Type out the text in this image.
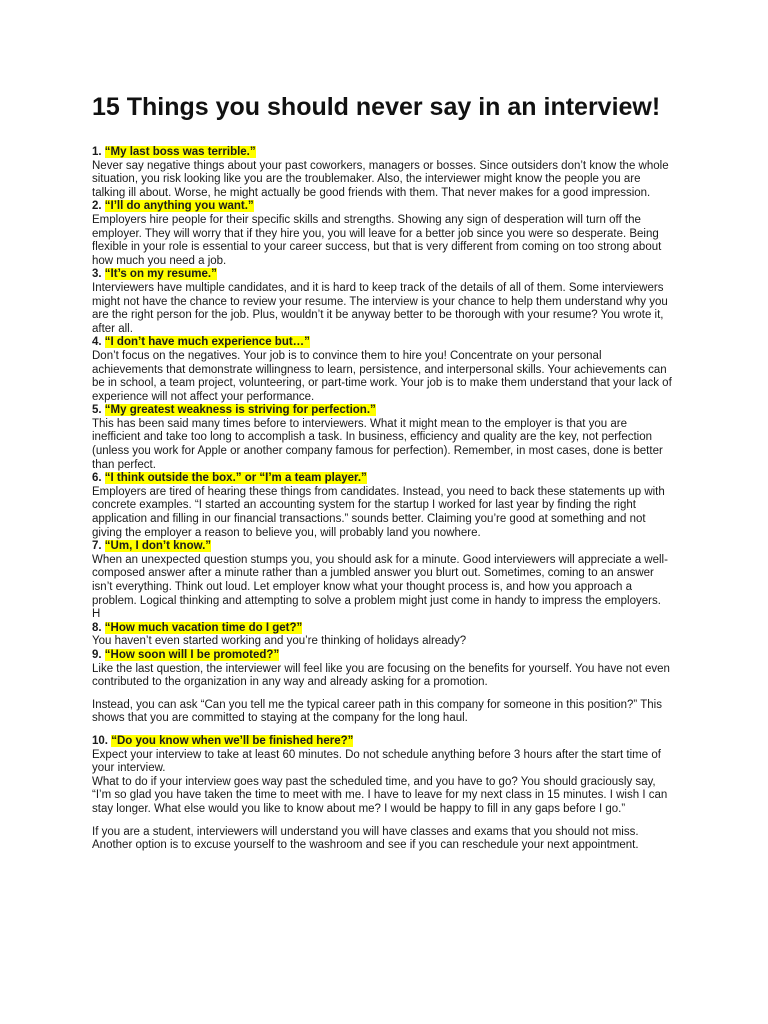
15 Things you should never say in an interview!
1. “My last boss was terrible.”

Never say negative things about your past coworkers, managers or bosses. Since outsiders don’t know the whole situation, you risk looking like you are the troublemaker. Also, the interviewer might know the people you are talking ill about. Worse, he might actually be good friends with them. That never makes for a good impression.

2. “I’ll do anything you want.”

Employers hire people for their specific skills and strengths. Showing any sign of desperation will turn off the employer. They will worry that if they hire you, you will leave for a better job since you were so desperate. Being flexible in your role is essential to your career success, but that is very different from coming on too strong about how much you need a job.

3. “It’s on my resume.”

Interviewers have multiple candidates, and it is hard to keep track of the details of all of them. Some interviewers might not have the chance to review your resume. The interview is your chance to help them understand why you are the right person for the job. Plus, wouldn’t it be anyway better to be thorough with your resume? You wrote it, after all.

4. “I don’t have much experience but…”

Don’t focus on the negatives. Your job is to convince them to hire you! Concentrate on your personal achievements that demonstrate willingness to learn, persistence, and interpersonal skills. Your achievements can be in school, a team project, volunteering, or part-time work. Your job is to make them understand that your lack of experience will not affect your performance.

5. “My greatest weakness is striving for perfection.”

This has been said many times before to interviewers. What it might mean to the employer is that you are inefficient and take too long to accomplish a task. In business, efficiency and quality are the key, not perfection (unless you work for Apple or another company famous for perfection). Remember, in most cases, done is better than perfect.

6. “I think outside the box.” or “I’m a team player.”

Employers are tired of hearing these things from candidates. Instead, you need to back these statements up with concrete examples. “I started an accounting system for the startup I worked for last year by finding the right application and filling in our financial transactions.” sounds better. Claiming you’re good at something and not giving the employer a reason to believe you, will probably land you nowhere.

7. “Um, I don’t know.”

When an unexpected question stumps you, you should ask for a minute. Good interviewers will appreciate a well-composed answer after a minute rather than a jumbled answer you blurt out. Sometimes, coming to an answer isn’t everything. Think out loud. Let employer know what your thought process is, and how you approach a problem. Logical thinking and attempting to solve a problem might just come in handy to impress the employers. H

8. “How much vacation time do I get?”

You haven’t even started working and you’re thinking of holidays already?

9. “How soon will I be promoted?”

Like the last question, the interviewer will feel like you are focusing on the benefits for yourself. You have not even contributed to the organization in any way and already asking for a promotion.

Instead, you can ask “Can you tell me the typical career path in this company for someone in this position?” This shows that you are committed to staying at the company for the long haul.

10. “Do you know when we’ll be finished here?”

Expect your interview to take at least 60 minutes. Do not schedule anything before 3 hours after the start time of your interview.

What to do if your interview goes way past the scheduled time, and you have to go? You should graciously say, “I’m so glad you have taken the time to meet with me. I have to leave for my next class in 15 minutes. I wish I can stay longer. What else would you like to know about me? I would be happy to fill in any gaps before I go.”

If you are a student, interviewers will understand you will have classes and exams that you should not miss. Another option is to excuse yourself to the washroom and see if you can reschedule your next appointment.
